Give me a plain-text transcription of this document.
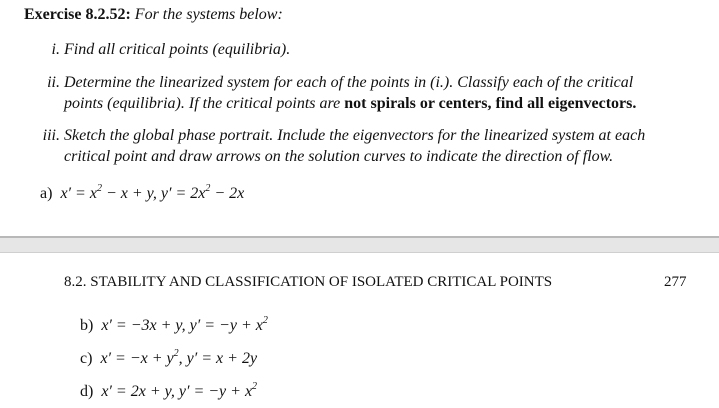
Exercise 8.2.52: For the systems below:
i. Find all critical points (equilibria).
ii. Determine the linearized system for each of the points in (i.). Classify each of the critical
points (equilibria). If the critical points are not spirals or centers, find all eigenvectors.
iii. Sketch the global phase portrait. Include the eigenvectors for the linearized system at each
critical point and draw arrows on the solution curves to indicate the direction of flow.
a) $x' = x^2 - x + y$, $y' = 2x^2 - 2x$
8.2. STABILITY AND CLASSIFICATION OF ISOLATED CRITICAL POINTS	277
b) x′ = −3x + y, $y' = -y + x^2$
c) $x' = -x + y^2$, y′ = x + 2y
d) x′ = 2x + y, $y' = -y + x^2$
